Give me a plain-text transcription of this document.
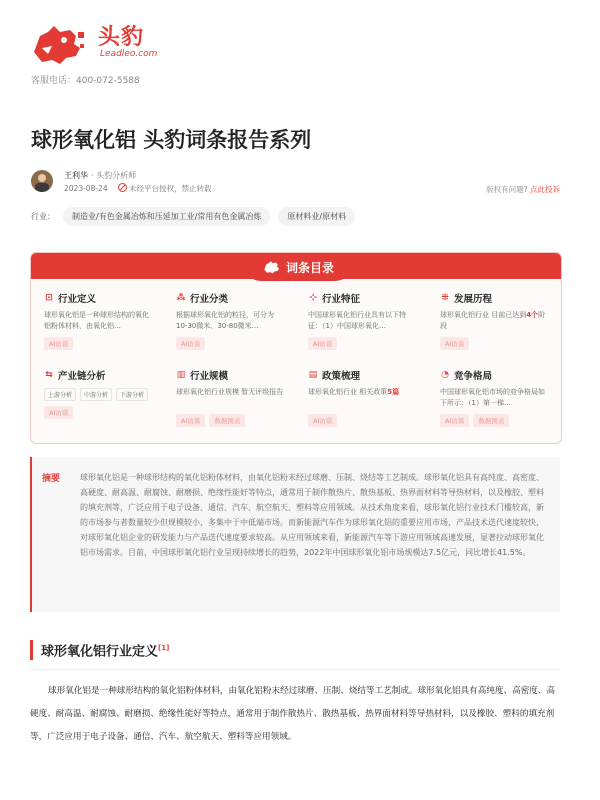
头豹
Leadleo.com
客服电话：400-072-5588
球形氧化铝 头豹词条报告系列
王利华 · 头豹分析师
2023-08-24	未经平台授权，禁止转载	版权有问题? 点此投诉
行业：	制造业/有色金属冶炼和压延加工业/常用有色金属冶炼	原材料业/原材料
词条目录
⊡ 行业定义
球形氧化铝是一种球形结构的氧化铝粉体材料，由氧化铝…
AI访谈
⁂ 行业分类
根据球形氧化铝的粒径，可分为10-30微米、30-80微米…
AI访谈
⊹ 行业特征
中国球形氧化铝行业具有以下特征：（1）中国球形氧化…
AI访谈
⁜ 发展历程
球形氧化铝行业 目前已达到4个阶段
AI访谈
⇆ 产业链分析
上游分析	中游分析	下游分析
AI访谈
▥ 行业规模
球形氧化铝行业规模 暂无评级报告
AI访谈	数据图表
▤ 政策梳理
球形氧化铝行业 相关政策5篇
AI访谈
◔ 竞争格局
中国球形氧化铝市场的竞争格局如下所示：（1）第一梯…
AI访谈	数据图表
摘要 球形氧化铝是一种球形结构的氧化铝粉体材料，由氧化铝粉末经过球磨、压制、烧结等工艺制成。球形氧化铝具有高纯度、高密度、高硬度、耐高温、耐腐蚀、耐磨损、绝缘性能好等特点，通常用于制作散热片、散热基板、热界面材料等导热材料，以及橡胶、塑料的填充剂等，广泛应用于电子设备、通信、汽车、航空航天、塑料等应用领域。从技术角度来看，球形氧化铝行业技术门槛较高，新的市场参与者数量较少但规模较小，多集中于中低端市场。而新能源汽车作为球形氧化铝的重要应用市场，产品技术迭代速度较快，对球形氧化铝企业的研发能力与产品迭代速度要求较高。从应用领域来看，新能源汽车等下游应用领域高速发展，显著拉动球形氧化铝市场需求。目前，中国球形氧化铝行业呈现持续增长的趋势，2022年中国球形氧化铝市场规模达7.5亿元，同比增长41.5%。
球形氧化铝行业定义[1]
球形氧化铝是一种球形结构的氧化铝粉体材料，由氧化铝粉末经过球磨、压制、烧结等工艺制成。球形氧化铝具有高纯度、高密度、高硬度、耐高温、耐腐蚀、耐磨损、绝缘性能好等特点，通常用于制作散热片、散热基板、热界面材料等导热材料，以及橡胶、塑料的填充剂等，广泛应用于电子设备、通信、汽车、航空航天、塑料等应用领域。
